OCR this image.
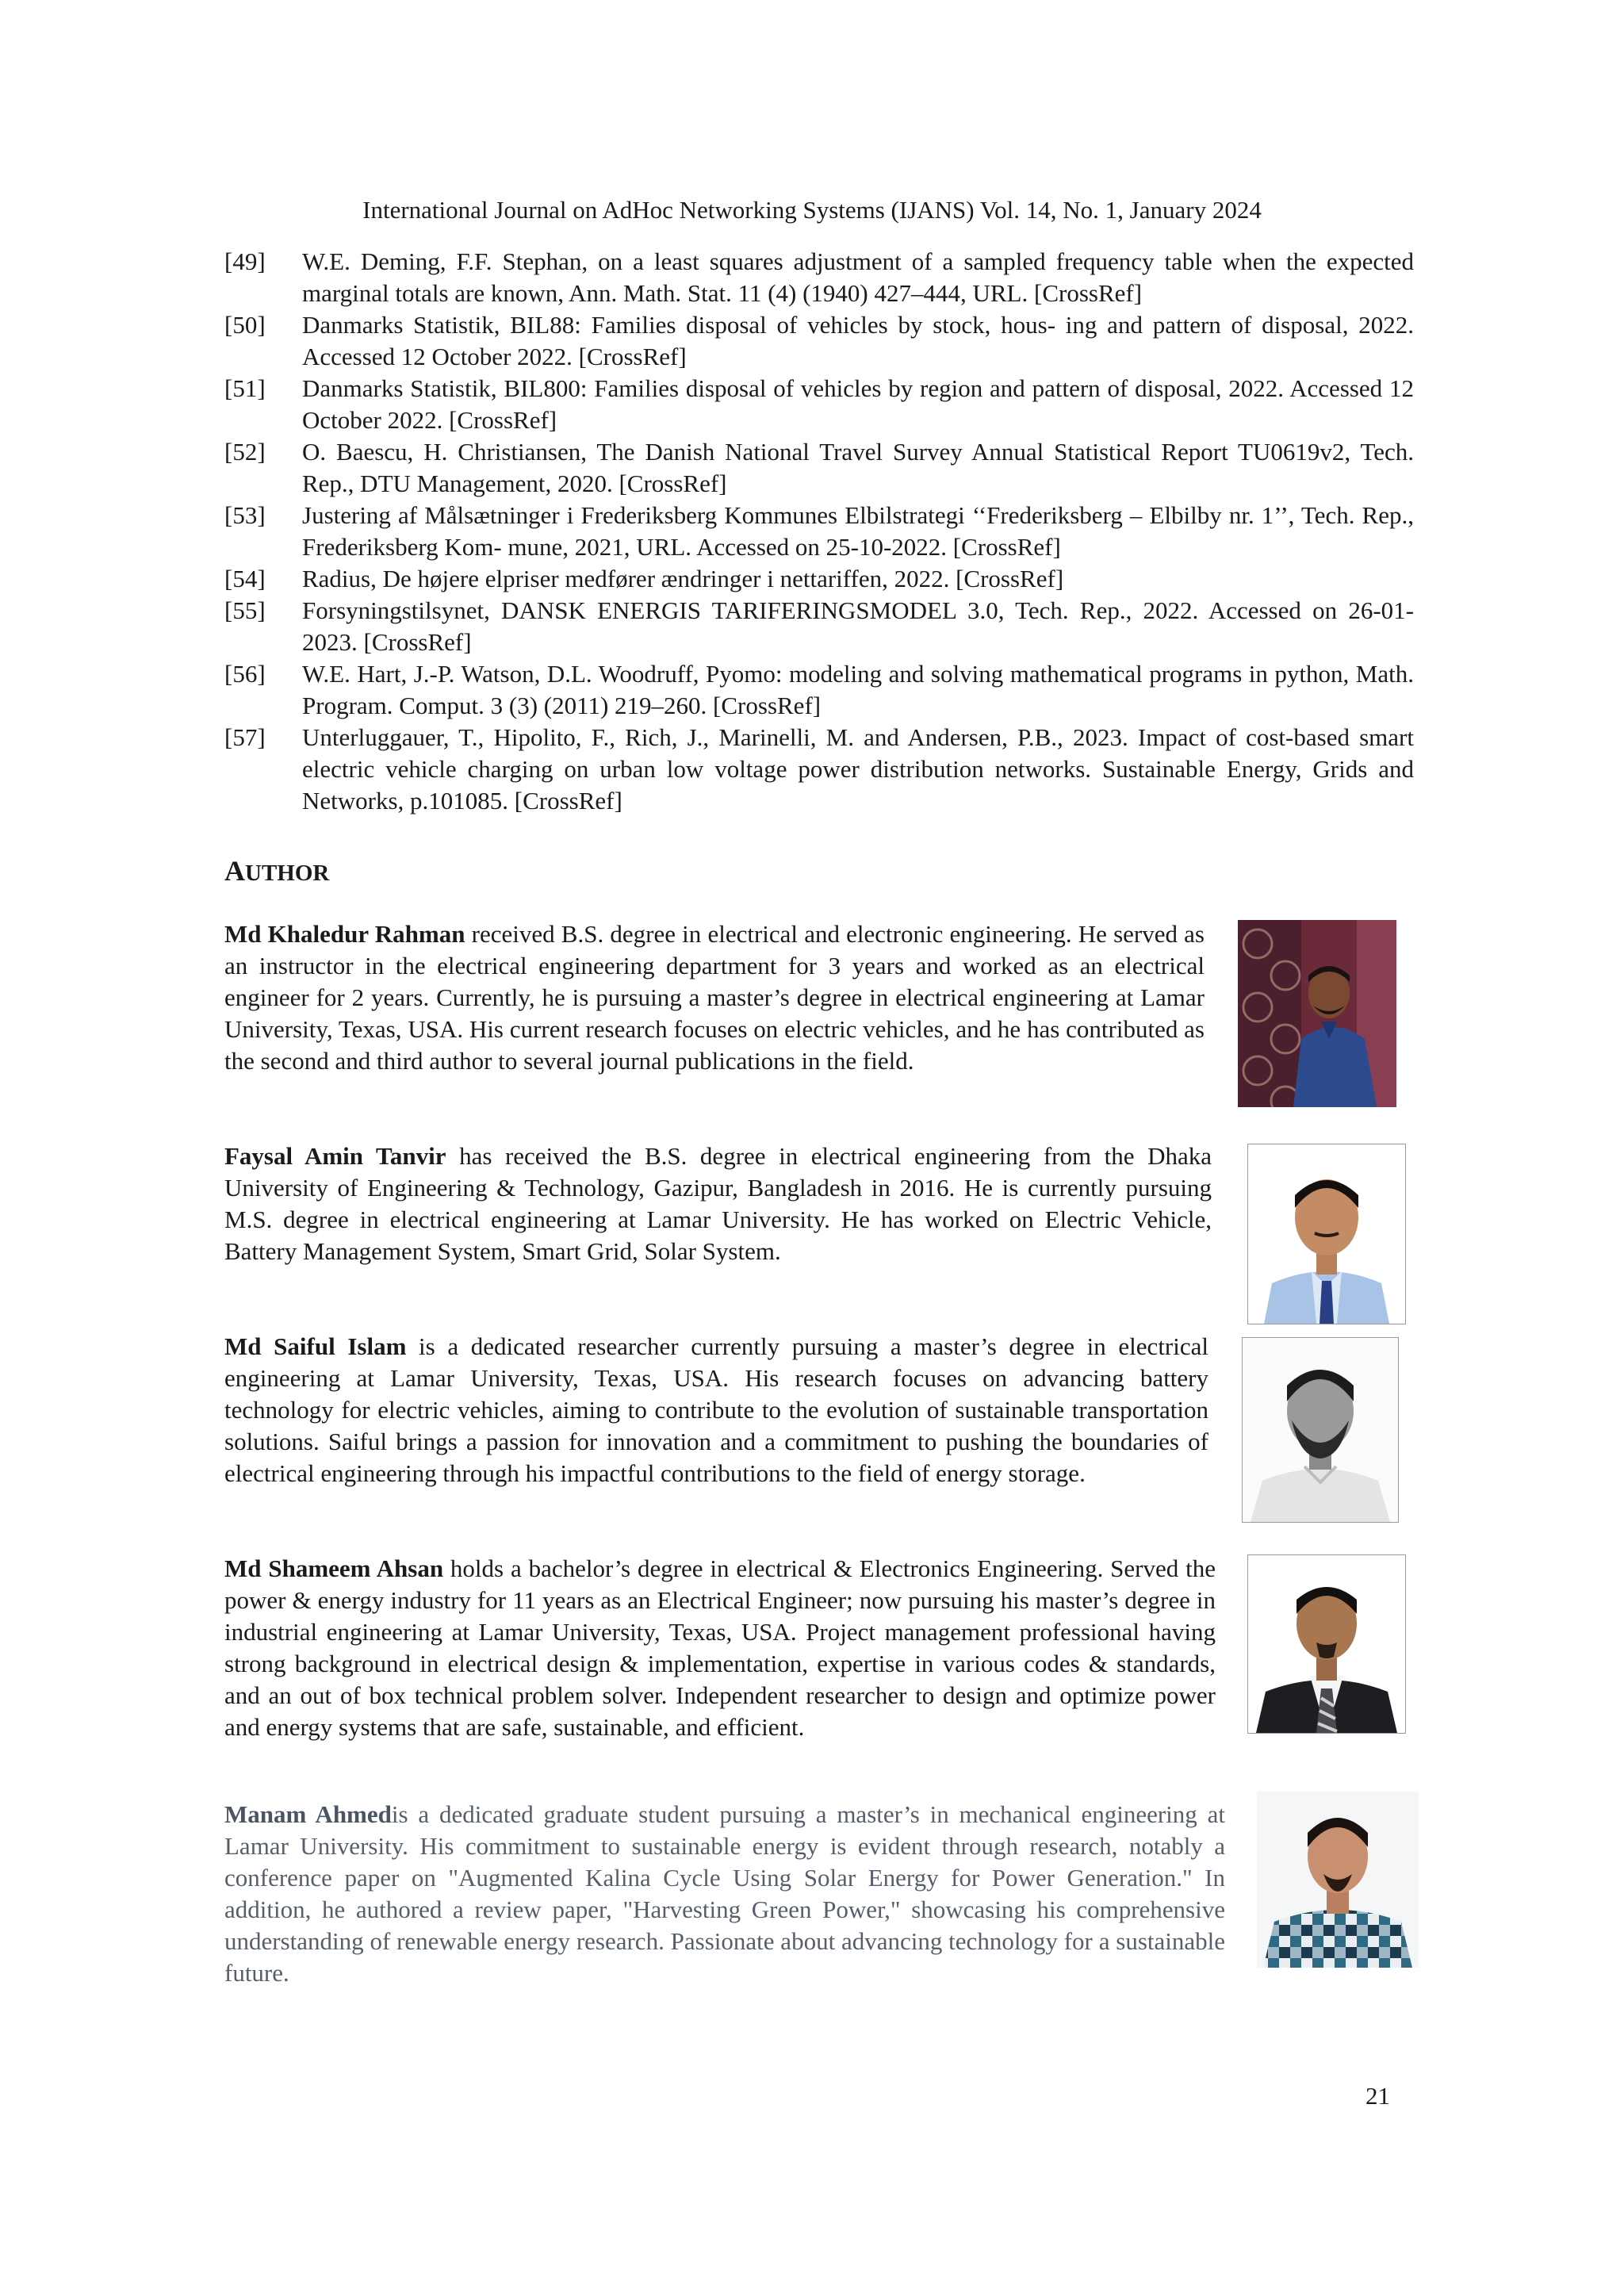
International Journal on AdHoc Networking Systems (IJANS) Vol. 14, No. 1, January 2024
[49]	W.E. Deming, F.F. Stephan, on a least squares adjustment of a sampled frequency table when the expected marginal totals are known, Ann. Math. Stat. 11 (4) (1940) 427–444, URL. [CrossRef]
[50]	Danmarks Statistik, BIL88: Families disposal of vehicles by stock, hous- ing and pattern of disposal, 2022. Accessed 12 October 2022. [CrossRef]
[51]	Danmarks Statistik, BIL800: Families disposal of vehicles by region and pattern of disposal, 2022. Accessed 12 October 2022. [CrossRef]
[52]	O. Baescu, H. Christiansen, The Danish National Travel Survey Annual Statistical Report TU0619v2, Tech. Rep., DTU Management, 2020. [CrossRef]
[53]	Justering af Målsætninger i Frederiksberg Kommunes Elbilstrategi ‘‘Frederiksberg – Elbilby nr. 1’’, Tech. Rep., Frederiksberg Kom- mune, 2021, URL. Accessed on 25-10-2022. [CrossRef]
[54]	Radius, De højere elpriser medfører ændringer i nettariffen, 2022. [CrossRef]
[55]	Forsyningstilsynet, DANSK ENERGIS TARIFERINGSMODEL 3.0, Tech. Rep., 2022. Accessed on 26-01-2023. [CrossRef]
[56]	W.E. Hart, J.-P. Watson, D.L. Woodruff, Pyomo: modeling and solving mathematical programs in python, Math. Program. Comput. 3 (3) (2011) 219–260. [CrossRef]
[57]	Unterluggauer, T., Hipolito, F., Rich, J., Marinelli, M. and Andersen, P.B., 2023. Impact of cost-based smart electric vehicle charging on urban low voltage power distribution networks. Sustainable Energy, Grids and Networks, p.101085. [CrossRef]
AUTHOR
Md Khaledur Rahman received B.S. degree in electrical and electronic engineering. He served as an instructor in the electrical engineering department for 3 years and worked as an electrical engineer for 2 years. Currently, he is pursuing a master’s degree in electrical engineering at Lamar University, Texas, USA. His current research focuses on electric vehicles, and he has contributed as the second and third author to several journal publications in the field.
Faysal Amin Tanvir has received the B.S. degree in electrical engineering from the Dhaka University of Engineering & Technology, Gazipur, Bangladesh in 2016. He is currently pursuing M.S. degree in electrical engineering at Lamar University. He has worked on Electric Vehicle, Battery Management System, Smart Grid, Solar System.
Md Saiful Islam is a dedicated researcher currently pursuing a master’s degree in electrical engineering at Lamar University, Texas, USA. His research focuses on advancing battery technology for electric vehicles, aiming to contribute to the evolution of sustainable transportation solutions. Saiful brings a passion for innovation and a commitment to pushing the boundaries of electrical engineering through his impactful contributions to the field of energy storage.
Md Shameem Ahsan holds a bachelor’s degree in electrical & Electronics Engineering. Served the power & energy industry for 11 years as an Electrical Engineer; now pursuing his master’s degree in industrial engineering at Lamar University, Texas, USA. Project management professional having strong background in electrical design & implementation, expertise in various codes & standards, and an out of box technical problem solver. Independent researcher to design and optimize power and energy systems that are safe, sustainable, and efficient.
Manam Ahmedis a dedicated graduate student pursuing a master’s in mechanical engineering at Lamar University. His commitment to sustainable energy is evident through research, notably a conference paper on "Augmented Kalina Cycle Using Solar Energy for Power Generation." In addition, he authored a review paper, "Harvesting Green Power," showcasing his comprehensive understanding of renewable energy research. Passionate about advancing technology for a sustainable future.
21
